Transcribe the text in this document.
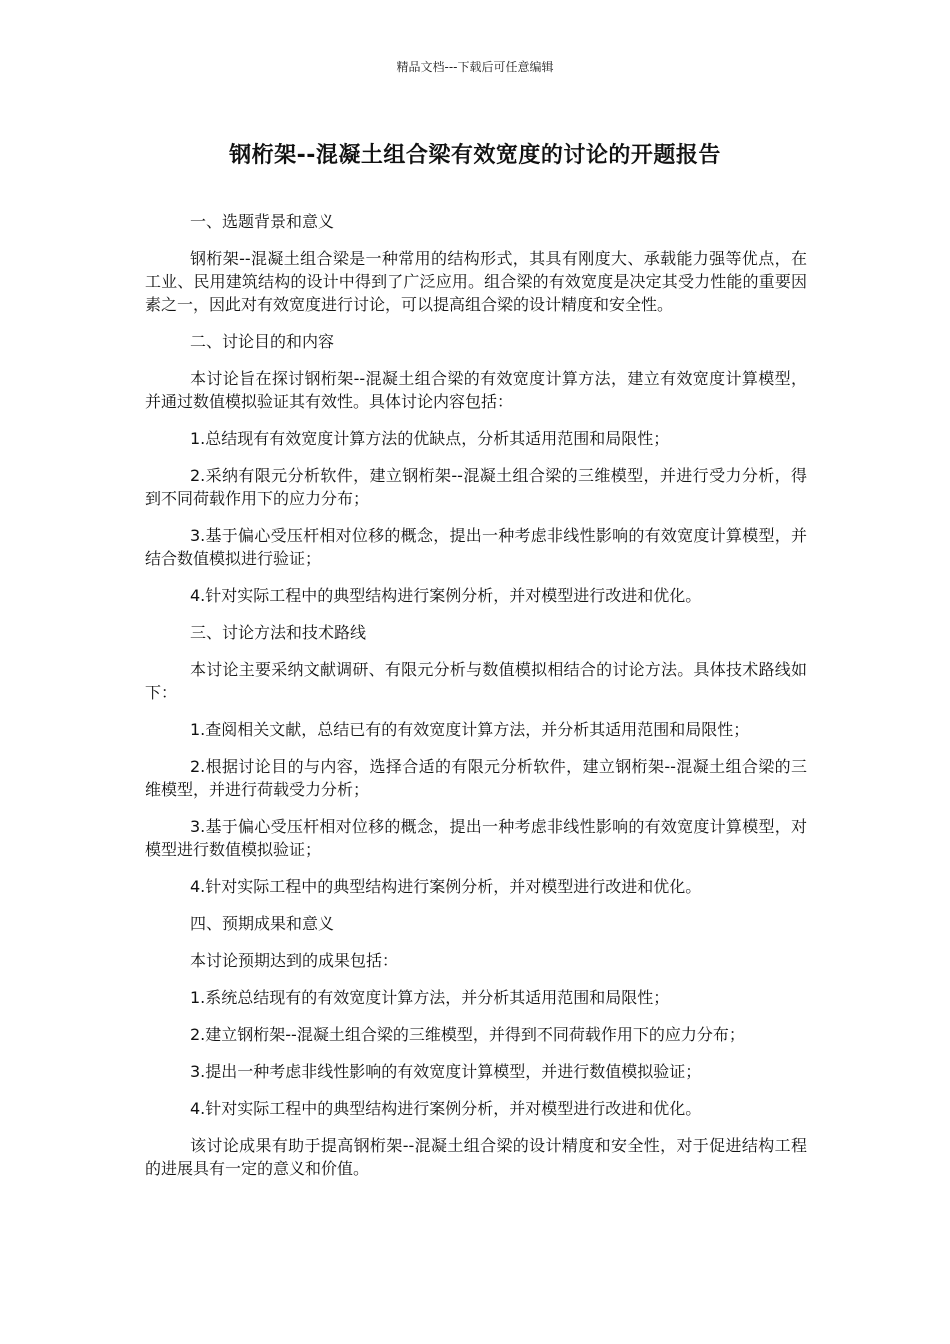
精品文档---下载后可任意编辑
钢桁架--混凝土组合梁有效宽度的讨论的开题报告

一、选题背景和意义

钢桁架--混凝土组合梁是一种常用的结构形式，其具有刚度大、承载能力强等优点，在工业、民用建筑结构的设计中得到了广泛应用。组合梁的有效宽度是决定其受力性能的重要因素之一，因此对有效宽度进行讨论，可以提高组合梁的设计精度和安全性。

二、讨论目的和内容

本讨论旨在探讨钢桁架--混凝土组合梁的有效宽度计算方法，建立有效宽度计算模型，并通过数值模拟验证其有效性。具体讨论内容包括：

1.总结现有有效宽度计算方法的优缺点，分析其适用范围和局限性；

2.采纳有限元分析软件，建立钢桁架--混凝土组合梁的三维模型，并进行受力分析，得到不同荷载作用下的应力分布；

3.基于偏心受压杆相对位移的概念，提出一种考虑非线性影响的有效宽度计算模型，并结合数值模拟进行验证；

4.针对实际工程中的典型结构进行案例分析，并对模型进行改进和优化。

三、讨论方法和技术路线

本讨论主要采纳文献调研、有限元分析与数值模拟相结合的讨论方法。具体技术路线如下：

1.查阅相关文献，总结已有的有效宽度计算方法，并分析其适用范围和局限性；

2.根据讨论目的与内容，选择合适的有限元分析软件，建立钢桁架--混凝土组合梁的三维模型，并进行荷载受力分析；

3.基于偏心受压杆相对位移的概念，提出一种考虑非线性影响的有效宽度计算模型，对模型进行数值模拟验证；

4.针对实际工程中的典型结构进行案例分析，并对模型进行改进和优化。

四、预期成果和意义

本讨论预期达到的成果包括：

1.系统总结现有的有效宽度计算方法，并分析其适用范围和局限性；

2.建立钢桁架--混凝土组合梁的三维模型，并得到不同荷载作用下的应力分布；

3.提出一种考虑非线性影响的有效宽度计算模型，并进行数值模拟验证；

4.针对实际工程中的典型结构进行案例分析，并对模型进行改进和优化。

该讨论成果有助于提高钢桁架--混凝土组合梁的设计精度和安全性，对于促进结构工程的进展具有一定的意义和价值。
